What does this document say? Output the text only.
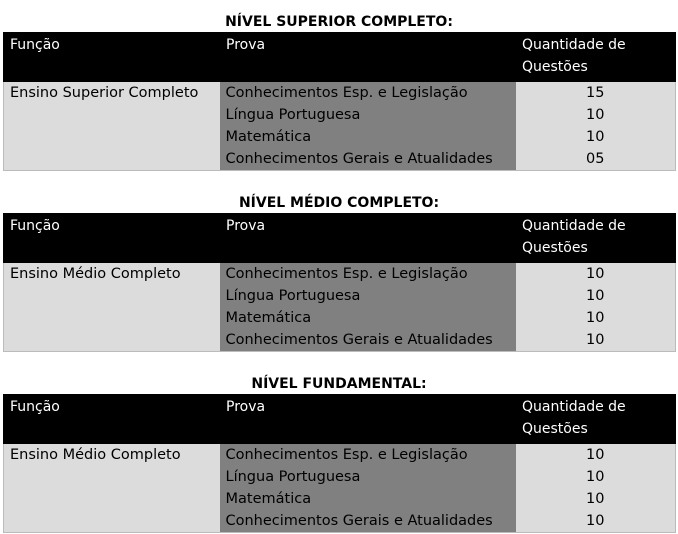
NÍVEL SUPERIOR COMPLETO:
Função	Prova	Quantidade de Questões
Ensino Superior Completo	Conhecimentos Esp. e Legislação	15
	Língua Portuguesa	10
	Matemática	10
	Conhecimentos Gerais e Atualidades	05
NÍVEL MÉDIO COMPLETO:
Função	Prova	Quantidade de Questões
Ensino Médio Completo	Conhecimentos Esp. e Legislação	10
	Língua Portuguesa	10
	Matemática	10
	Conhecimentos Gerais e Atualidades	10
NÍVEL FUNDAMENTAL:
Função	Prova	Quantidade de Questões
Ensino Médio Completo	Conhecimentos Esp. e Legislação	10
	Língua Portuguesa	10
	Matemática	10
	Conhecimentos Gerais e Atualidades	10
